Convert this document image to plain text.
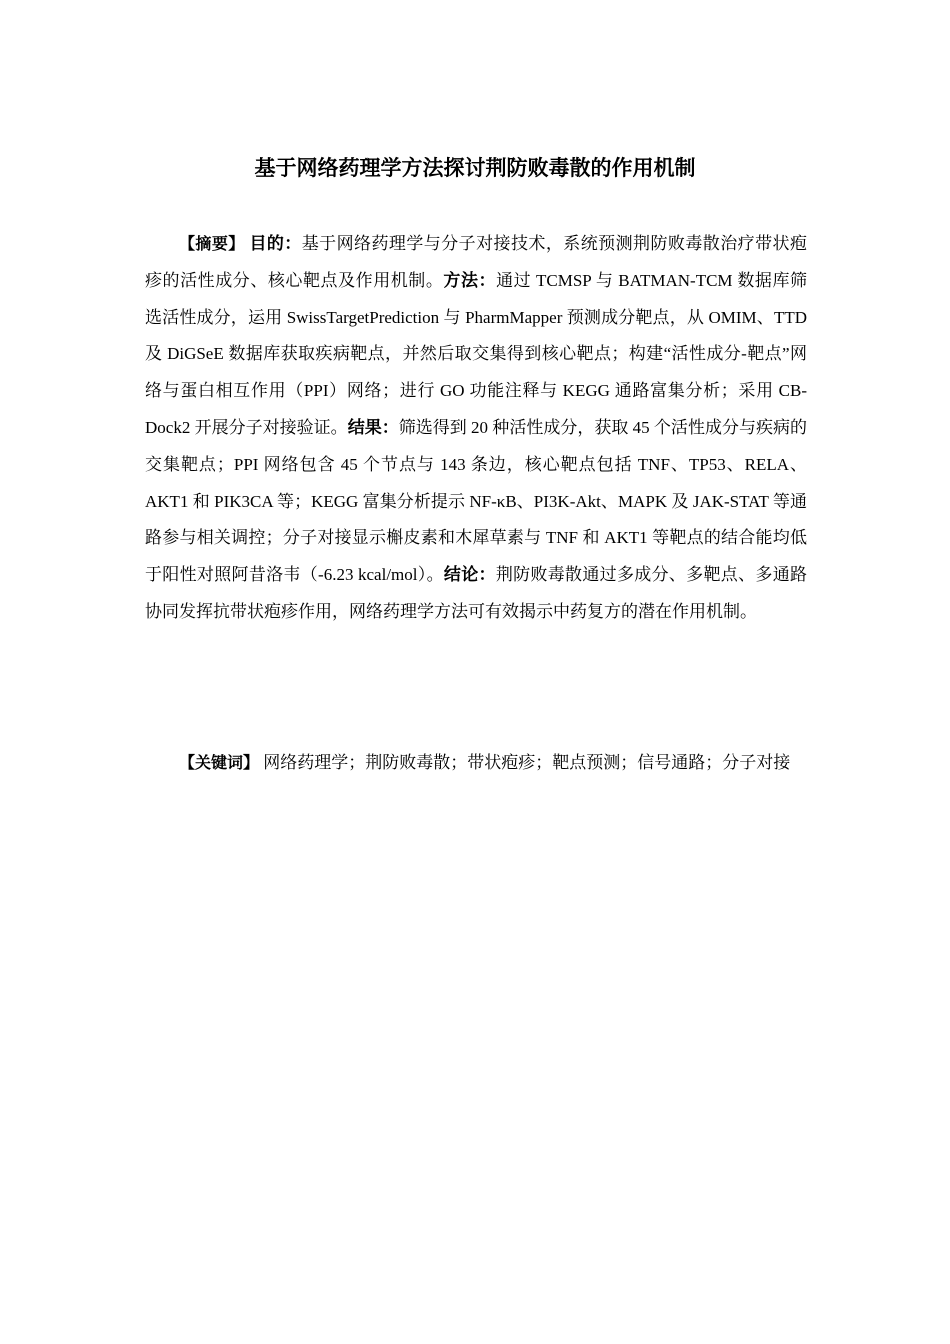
基于网络药理学方法探讨荆防败毒散的作用机制

【摘要】 目的：基于网络药理学与分子对接技术，系统预测荆防败毒散治疗带状疱疹的活性成分、核心靶点及作用机制。方法：通过 TCMSP 与 BATMAN-TCM 数据库筛选活性成分，运用 SwissTargetPrediction 与 PharmMapper 预测成分靶点，从 OMIM、TTD 及 DiGSeE 数据库获取疾病靶点，并然后取交集得到核心靶点；构建“活性成分-靶点”网络与蛋白相互作用（PPI）网络；进行 GO 功能注释与 KEGG 通路富集分析；采用 CB-Dock2 开展分子对接验证。结果：筛选得到 20 种活性成分，获取 45 个活性成分与疾病的交集靶点；PPI 网络包含 45 个节点与 143 条边，核心靶点包括 TNF、TP53、RELA、AKT1 和 PIK3CA 等；KEGG 富集分析提示 NF-κB、PI3K-Akt、MAPK 及 JAK-STAT 等通路参与相关调控；分子对接显示槲皮素和木犀草素与 TNF 和 AKT1 等靶点的结合能均低于阳性对照阿昔洛韦（-6.23 kcal/mol）。结论：荆防败毒散通过多成分、多靶点、多通路协同发挥抗带状疱疹作用，网络药理学方法可有效揭示中药复方的潜在作用机制。

【关键词】 网络药理学；荆防败毒散；带状疱疹；靶点预测；信号通路；分子对接
